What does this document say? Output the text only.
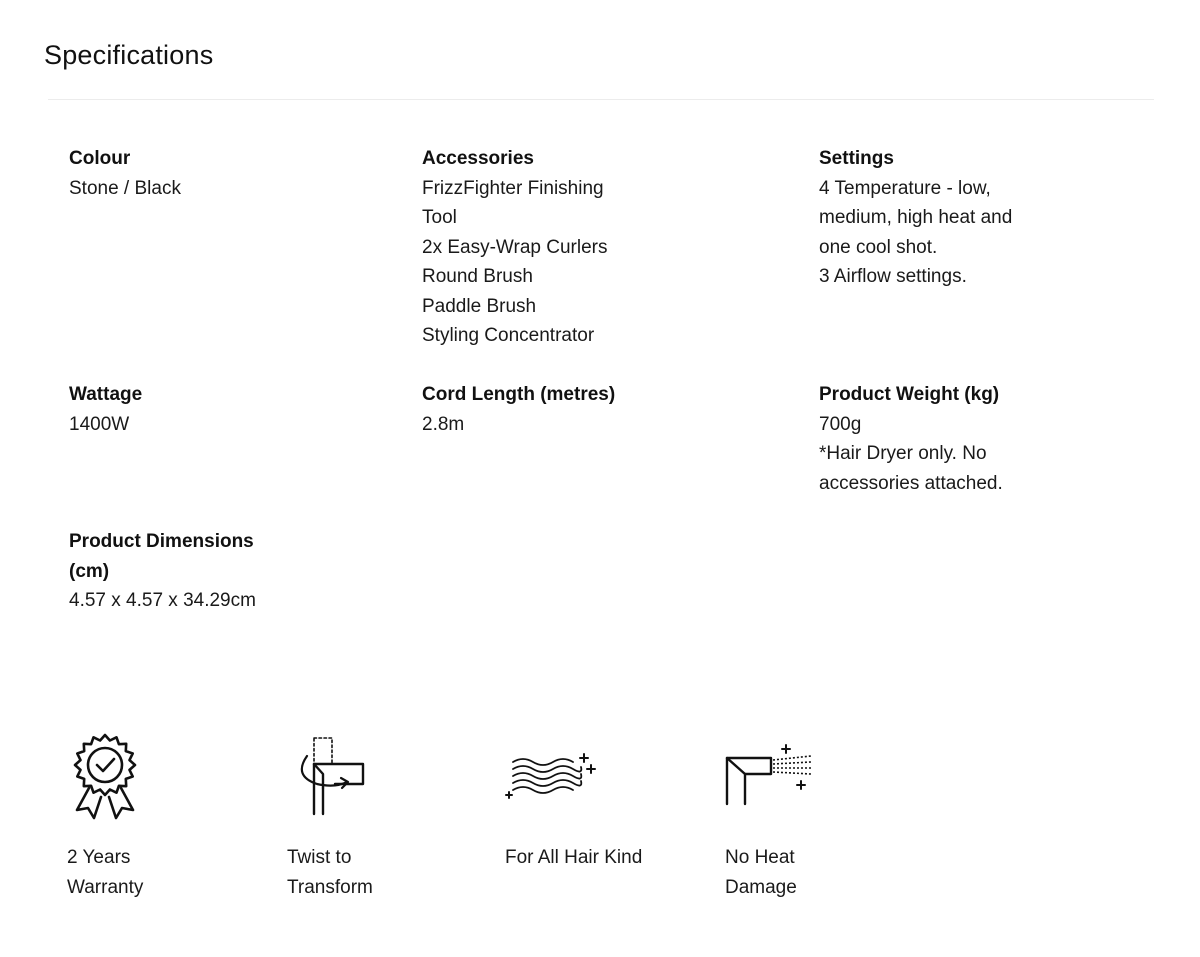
Specifications
Colour
Stone / Black
Accessories
FrizzFighter Finishing
Tool
2x Easy-Wrap Curlers
Round Brush
Paddle Brush
Styling Concentrator
Settings
4 Temperature - low,
medium, high heat and
one cool shot.
3 Airflow settings.
Wattage
1400W
Cord Length (metres)
2.8m
Product Weight (kg)
700g
*Hair Dryer only. No
accessories attached.
Product Dimensions
(cm)
4.57 x 4.57 x 34.29cm
2 Years
Warranty
Twist to
Transform
For All Hair Kind	No Heat
Damage
